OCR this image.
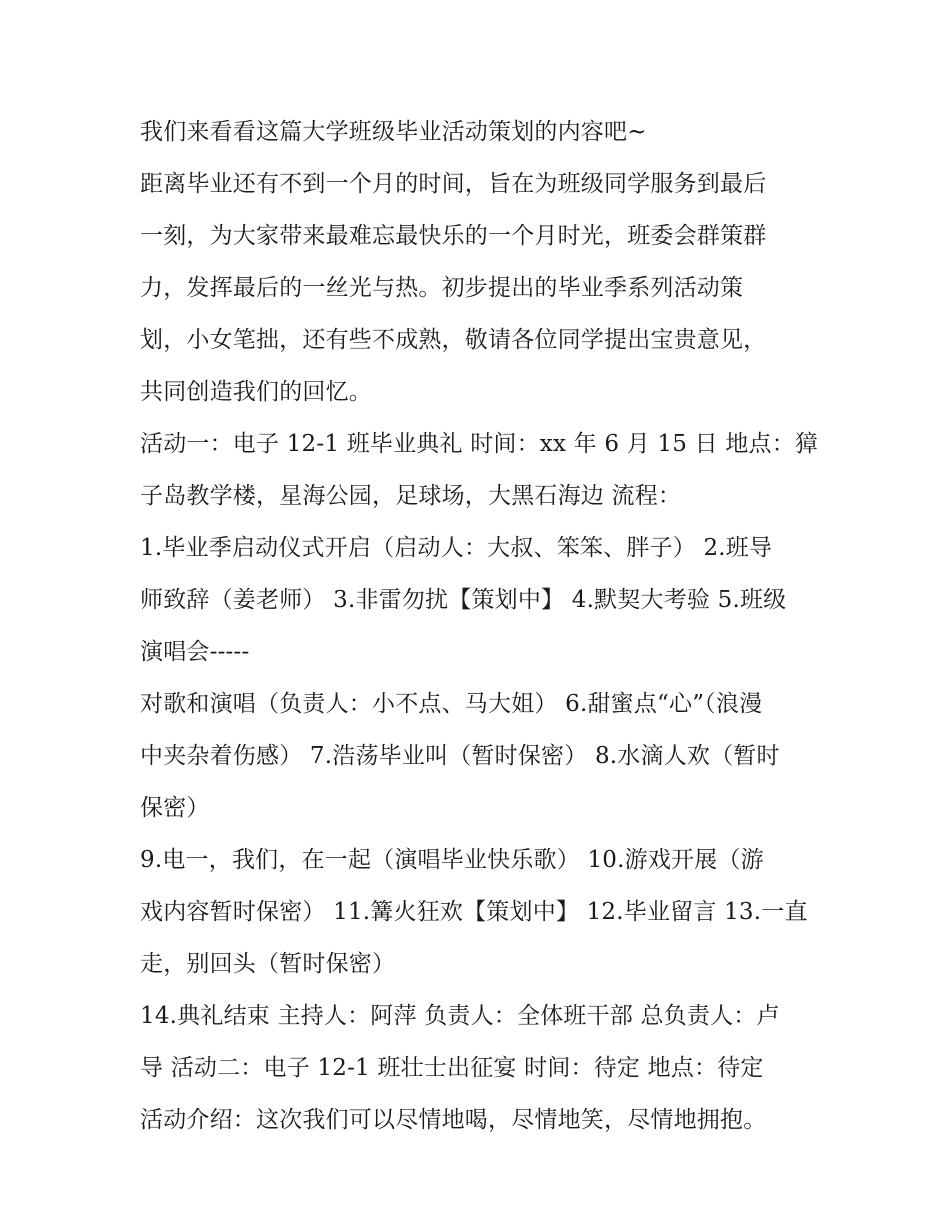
我们来看看这篇大学班级毕业活动策划的内容吧~

距离毕业还有不到一个月的时间，旨在为班级同学服务到最后

一刻，为大家带来最难忘最快乐的一个月时光，班委会群策群

力，发挥最后的一丝光与热。初步提出的毕业季系列活动策

划，小女笔拙，还有些不成熟，敬请各位同学提出宝贵意见，

共同创造我们的回忆。

活动一：电子 12-1 班毕业典礼 时间：xx 年 6 月 15 日 地点：獐

子岛教学楼，星海公园，足球场，大黑石海边 流程：

1.毕业季启动仪式开启（启动人：大叔、笨笨、胖子） 2.班导

师致辞（姜老师） 3.非雷勿扰【策划中】 4.默契大考验 5.班级

演唱会-----

对歌和演唱（负责人：小不点、马大姐） 6.甜蜜点“心”（浪漫

中夹杂着伤感） 7.浩荡毕业叫（暂时保密） 8.水滴人欢（暂时

保密）

9.电一，我们，在一起（演唱毕业快乐歌） 10.游戏开展（游

戏内容暂时保密） 11.篝火狂欢【策划中】 12.毕业留言 13.一直

走，别回头（暂时保密）

14.典礼结束 主持人：阿萍 负责人：全体班干部 总负责人：卢

导 活动二：电子 12-1 班壮士出征宴 时间：待定 地点：待定

活动介绍：这次我们可以尽情地喝，尽情地笑，尽情地拥抱。
